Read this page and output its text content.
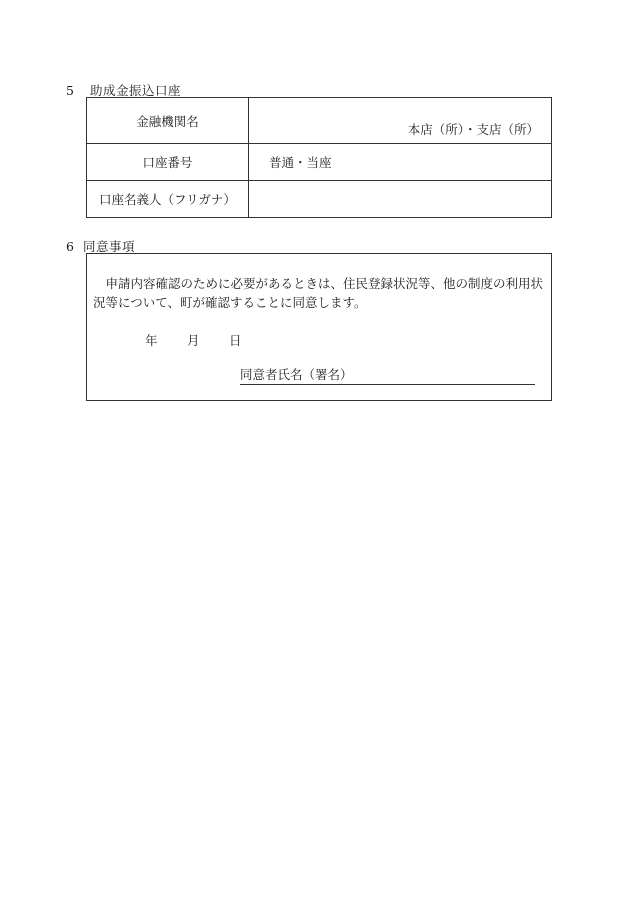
5 助成金振込口座
金融機関名	本店（所）・支店（所）

口座番号	普通・当座
口座名義人（フリガナ）	
6 同意事項
　申請内容確認のために必要があるときは、住民登録状況等、他の制度の利用状況等について、町が確認することに同意します。
年 月 日
同意者氏名（署名）
